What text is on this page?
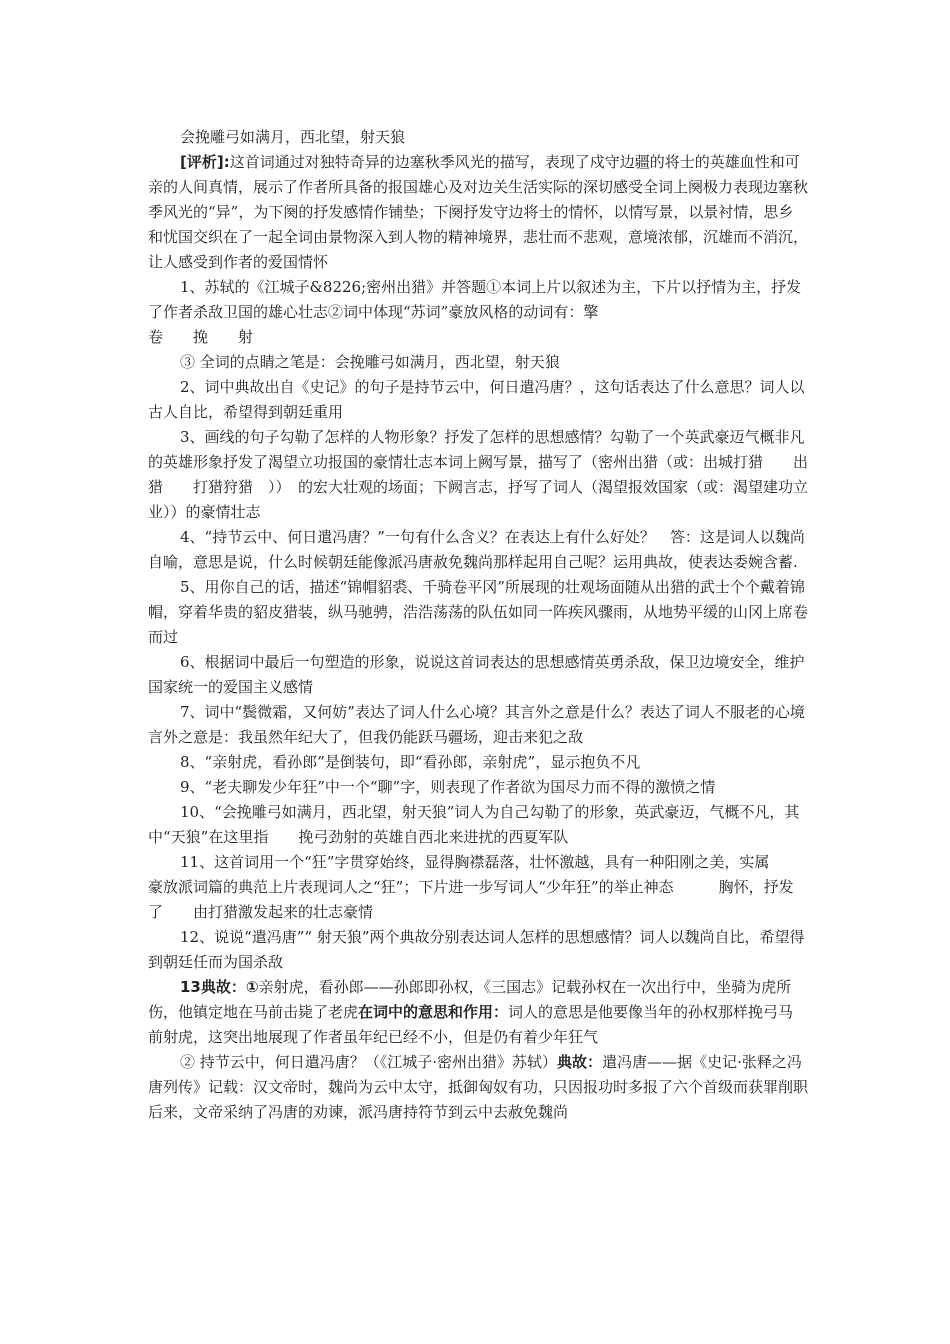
会挽雕弓如满月，西北望，射天狼

[评析]:这首词通过对独特奇异的边塞秋季风光的描写，表现了戍守边疆的将士的英雄血性和可亲的人间真情，展示了作者所具备的报国雄心及对边关生活实际的深切感受全词上阕极力表现边塞秋季风光的“异”，为下阕的抒发感情作铺垫；下阕抒发守边将士的情怀，以情写景，以景衬情，思乡和忧国交织在了一起全词由景物深入到人物的精神境界，悲壮而不悲观，意境浓郁，沉雄而不消沉，让人感受到作者的爱国情怀

1、苏轼的《江城子&8226;密州出猎》并答题①本词上片以叙述为主，下片以抒情为主，抒发了作者杀敌卫国的雄心壮志②词中体现“苏词”豪放风格的动词有：擎

卷　　挽　　射

③ 全词的点睛之笔是：会挽雕弓如满月，西北望，射天狼

2、词中典故出自《史记》的句子是持节云中，何日遣冯唐？，这句话表达了什么意思？词人以古人自比，希望得到朝廷重用

3、画线的句子勾勒了怎样的人物形象？抒发了怎样的思想感情？勾勒了一个英武豪迈气概非凡的英雄形象抒发了渴望立功报国的豪情壮志本词上阙写景，描写了（密州出猎（或：出城打猎　　出猎　　打猎狩猎　））　的宏大壮观的场面；下阙言志，抒写了词人（渴望报效国家（或：渴望建功立业））的豪情壮志

4、“持节云中、何日遣冯唐？”一句有什么含义？在表达上有什么好处？　答：这是词人以魏尚自喻，意思是说，什么时候朝廷能像派冯唐赦免魏尚那样起用自己呢？运用典故，使表达委婉含蓄.

5、用你自己的话，描述“锦帽貂裘、千骑卷平冈”所展现的壮观场面随从出猎的武士个个戴着锦帽，穿着华贵的貂皮猎装，纵马驰骋，浩浩荡荡的队伍如同一阵疾风骤雨，从地势平缓的山冈上席卷而过

6、根据词中最后一句塑造的形象，说说这首词表达的思想感情英勇杀敌，保卫边境安全，维护国家统一的爱国主义感情

7、词中“鬓微霜，又何妨”表达了词人什么心境？其言外之意是什么？表达了词人不服老的心境言外之意是：我虽然年纪大了，但我仍能跃马疆场，迎击来犯之敌

8、“亲射虎，看孙郎”是倒装句，即“看孙郎，亲射虎”，显示抱负不凡

9、“老夫聊发少年狂”中一个“聊”字，则表现了作者欲为国尽力而不得的激愤之情

10、“会挽雕弓如满月，西北望，射天狼”词人为自己勾勒了的形象，英武豪迈，气概不凡，其中“天狼”在这里指　　挽弓劲射的英雄自西北来进扰的西夏军队

11、这首词用一个“狂”字贯穿始终，显得胸襟磊落，壮怀激越，具有一种阳刚之美，实属　　豪放派词篇的典范上片表现词人之“狂”；下片进一步写词人“少年狂”的举止神态　　　胸怀，抒发了　　由打猎激发起来的壮志豪情

12、说说“遣冯唐”“ 射天狼”两个典故分别表达词人怎样的思想感情？词人以魏尚自比，希望得到朝廷任而为国杀敌

13典故：①亲射虎，看孙郎——孙郎即孙权，《三国志》记载孙权在一次出行中，坐骑为虎所伤，他镇定地在马前击毙了老虎在词中的意思和作用：词人的意思是他要像当年的孙权那样挽弓马前射虎，这突出地展现了作者虽年纪已经不小，但是仍有着少年狂气

② 持节云中，何日遣冯唐？（《江城子·密州出猎》苏轼）典故：遣冯唐——据《史记·张释之冯唐列传》记载：汉文帝时，魏尚为云中太守，抵御匈奴有功，只因报功时多报了六个首级而获罪削职后来，文帝采纳了冯唐的劝谏，派冯唐持符节到云中去赦免魏尚
